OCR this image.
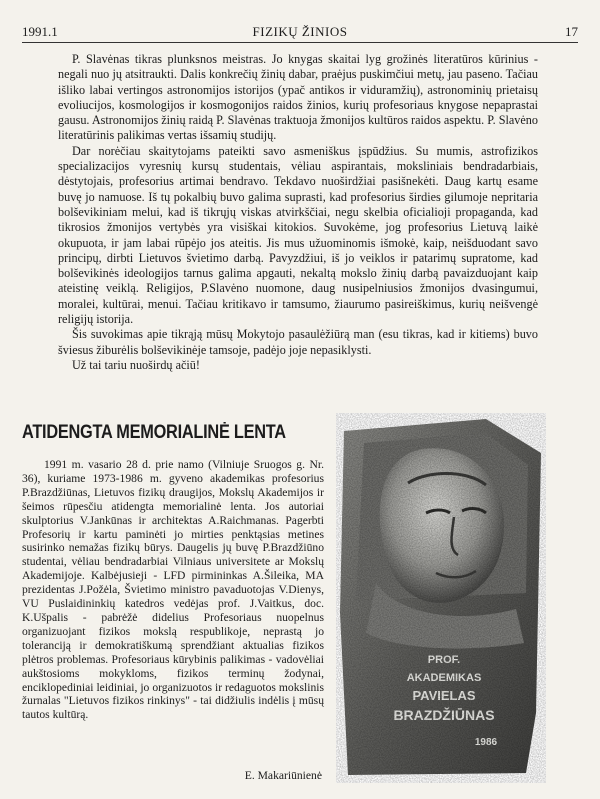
1991.1	FIZIKŲ ŽINIOS	17

P. Slavėnas tikras plunksnos meistras. Jo knygas skaitai lyg grožinės literatūros kūrinius - negali nuo jų atsitraukti. Dalis konkrečių žinių dabar, praėjus puskimčiui metų, jau paseno. Tačiau išliko labai vertingos astronomijos istorijos (ypač antikos ir viduramžių), astronominių prietaisų evoliucijos, kosmologijos ir kosmogonijos raidos žinios, kurių profesoriaus knygose nepaprastai gausu. Astronomijos žinių raidą P. Slavėnas traktuoja žmonijos kultūros raidos aspektu. P. Slavėno literatūrinis palikimas vertas išsamių studijų.

Dar norėčiau skaitytojams pateikti savo asmeniškus įspūdžius. Su mumis, astrofizikos specializacijos vyresnių kursų studentais, vėliau aspirantais, moksliniais bendradarbiais, dėstytojais, profesorius artimai bendravo. Tekdavo nuoširdžiai pasišnekėti. Daug kartų esame buvę jo namuose. Iš tų pokalbių buvo galima suprasti, kad profesorius širdies gilumoje nepritaria bolševikiniam melui, kad iš tikrųjų viskas atvirkščiai, negu skelbia oficialioji propaganda, kad tikrosios žmonijos vertybės yra visiškai kitokios. Suvokėme, jog profesorius Lietuvą laikė okupuota, ir jam labai rūpėjo jos ateitis. Jis mus užuominomis išmokė, kaip, neišduodant savo principų, dirbti Lietuvos švietimo darbą. Pavyzdžiui, iš jo veiklos ir patarimų supratome, kad bolševikinės ideologijos tarnus galima apgauti, nekaltą mokslo žinių darbą pavaizduojant kaip ateistinę veiklą. Religijos, P.Slavėno nuomone, daug nusipelniusios žmonijos dvasingumui, moralei, kultūrai, menui. Tačiau kritikavo ir tamsumo, žiaurumo pasireiškimus, kurių neišvengė religijų istorija.

Šis suvokimas apie tikrąją mūsų Mokytojo pasaulėžiūrą man (esu tikras, kad ir kitiems) buvo šviesus žiburėlis bolševikinėje tamsoje, padėjo joje nepasiklysti.

Už tai tariu nuoširdų ačiū!

ATIDENGTA MEMORIALINĖ LENTA

1991 m. vasario 28 d. prie namo (Vilniuje Sruogos g. Nr. 36), kuriame 1973-1986 m. gyveno akademikas profesorius P.Brazdžiūnas, Lietuvos fizikų draugijos, Mokslų Akademijos ir šeimos rūpesčiu atidengta memorialinė lenta. Jos autoriai skulptorius V.Jankūnas ir architektas A.Raichmanas. Pagerbti Profesorių ir kartu paminėti jo mirties penktąsias metines susirinko nemažas fizikų būrys. Daugelis jų buvę P.Brazdžiūno studentai, vėliau bendradarbiai Vilniaus universitete ar Mokslų Akademijoje. Kalbėjusieji - LFD pirmininkas A.Šileika, MA prezidentas J.Požėla, Švietimo ministro pavaduotojas V.Dienys, VU Puslaidininkių katedros vedėjas prof. J.Vaitkus, doc. K.Ušpalis - pabrėžė didelius Profesoriaus nuopelnus organizuojant fizikos mokslą respublikoje, neprastą jo toleranciją ir demokratiškumą sprendžiant aktualias fizikos plėtros problemas. Profesoriaus kūrybinis palikimas - vadovėliai aukštosioms mokykloms, fizikos terminų žodynai, enciklopediniai leidiniai, jo organizuotos ir redaguotos mokslinis žurnalas "Lietuvos fizikos rinkinys" - tai didžiulis indėlis į mūsų tautos kultūrą.

E. Makariūnienė
